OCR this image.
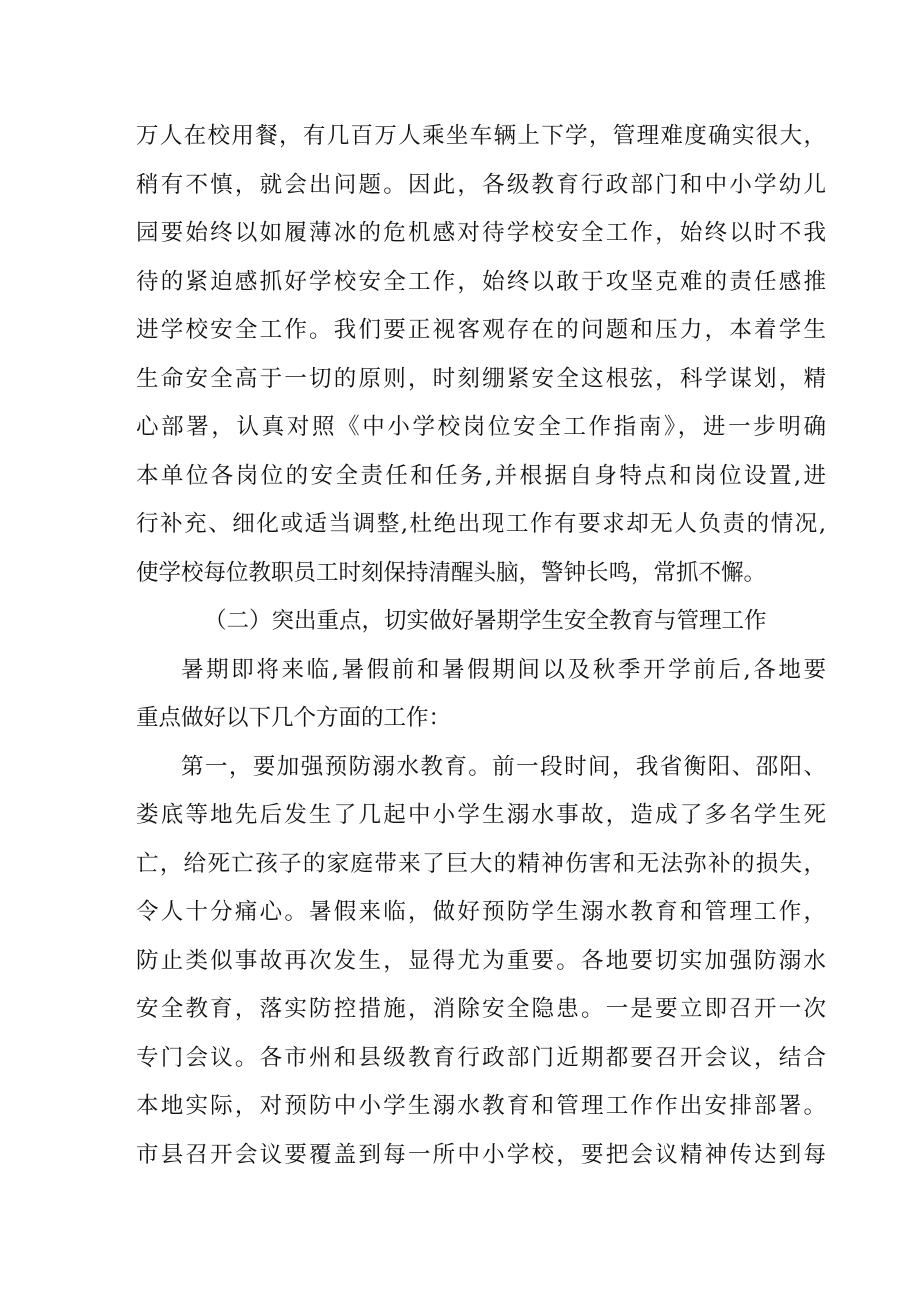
万人在校用餐，有几百万人乘坐车辆上下学，管理难度确实很大，
稍有不慎，就会出问题。因此，各级教育行政部门和中小学幼儿
园要始终以如履薄冰的危机感对待学校安全工作，始终以时不我
待的紧迫感抓好学校安全工作，始终以敢于攻坚克难的责任感推
进学校安全工作。我们要正视客观存在的问题和压力，本着学生
生命安全高于一切的原则，时刻绷紧安全这根弦，科学谋划，精
心部署，认真对照《中小学校岗位安全工作指南》，进一步明确
本单位各岗位的安全责任和任务,并根据自身特点和岗位设置,进
行补充、细化或适当调整,杜绝出现工作有要求却无人负责的情况,
使学校每位教职员工时刻保持清醒头脑，警钟长鸣，常抓不懈。
（二）突出重点，切实做好暑期学生安全教育与管理工作
暑期即将来临,暑假前和暑假期间以及秋季开学前后,各地要
重点做好以下几个方面的工作：
第一，要加强预防溺水教育。前一段时间，我省衡阳、邵阳、
娄底等地先后发生了几起中小学生溺水事故，造成了多名学生死
亡，给死亡孩子的家庭带来了巨大的精神伤害和无法弥补的损失，
令人十分痛心。暑假来临，做好预防学生溺水教育和管理工作，
防止类似事故再次发生，显得尤为重要。各地要切实加强防溺水
安全教育，落实防控措施，消除安全隐患。一是要立即召开一次
专门会议。各市州和县级教育行政部门近期都要召开会议，结合
本地实际，对预防中小学生溺水教育和管理工作作出安排部署。
市县召开会议要覆盖到每一所中小学校，要把会议精神传达到每
